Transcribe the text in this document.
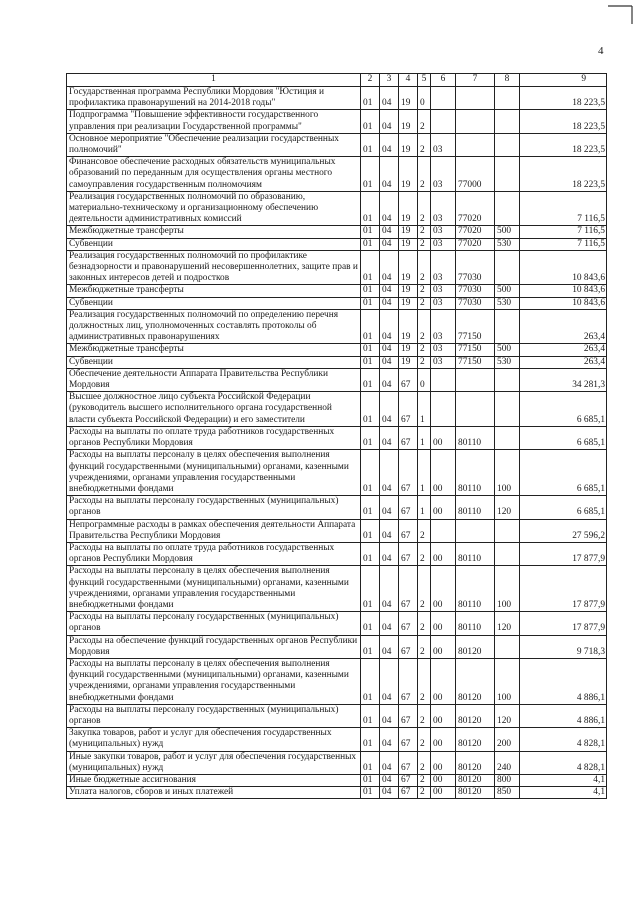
4
1	2	3	4	5	6	7	8	9
Государственная программа Республики Мордовия "Юстиция и профилактика правонарушений на 2014-2018 годы"	01	04	19	0				18 223,5
Подпрограмма "Повышение эффективности государственного управления при реализации Государственной программы"	01	04	19	2				18 223,5
Основное мероприятие "Обеспечение реализации государственных полномочий"	01	04	19	2	03			18 223,5
Финансовое обеспечение расходных обязательств муниципальных образований по переданным для осуществления органы местного самоуправления государственным полномочиям	01	04	19	2	03	77000		18 223,5
Реализация государственных полномочий по образованию, материально-техническому и организационному обеспечению деятельности административных комиссий	01	04	19	2	03	77020		7 116,5
Межбюджетные трансферты	01	04	19	2	03	77020	500	7 116,5
Субвенции	01	04	19	2	03	77020	530	7 116,5
Реализация государственных полномочий по профилактике безнадзорности и правонарушений несовершеннолетних, защите прав и законных интересов детей и подростков	01	04	19	2	03	77030		10 843,6
Межбюджетные трансферты	01	04	19	2	03	77030	500	10 843,6
Субвенции	01	04	19	2	03	77030	530	10 843,6
Реализация государственных полномочий по определению перечня должностных лиц, уполномоченных составлять протоколы об административных правонарушениях	01	04	19	2	03	77150		263,4
Межбюджетные трансферты	01	04	19	2	03	77150	500	263,4
Субвенции	01	04	19	2	03	77150	530	263,4
Обеспечение деятельности Аппарата Правительства Республики Мордовия	01	04	67	0				34 281,3
Высшее должностное лицо субъекта Российской Федерации (руководитель высшего исполнительного органа государственной власти субъекта Российской Федерации) и его заместители	01	04	67	1				6 685,1
Расходы на выплаты по оплате труда работников государственных органов Республики Мордовия	01	04	67	1	00	80110		6 685,1
Расходы на выплаты персоналу в целях обеспечения выполнения функций государственными (муниципальными) органами, казенными учреждениями, органами управления государственными внебюджетными фондами	01	04	67	1	00	80110	100	6 685,1
Расходы на выплаты персоналу государственных (муниципальных) органов	01	04	67	1	00	80110	120	6 685,1
Непрограммные расходы в рамках обеспечения деятельности Аппарата Правительства Республики Мордовия	01	04	67	2				27 596,2
Расходы на выплаты по оплате труда работников государственных органов Республики Мордовия	01	04	67	2	00	80110		17 877,9
Расходы на выплаты персоналу в целях обеспечения выполнения функций государственными (муниципальными) органами, казенными учреждениями, органами управления государственными внебюджетными фондами	01	04	67	2	00	80110	100	17 877,9
Расходы на выплаты персоналу государственных (муниципальных) органов	01	04	67	2	00	80110	120	17 877,9
Расходы на обеспечение функций государственных органов Республики Мордовия	01	04	67	2	00	80120		9 718,3
Расходы на выплаты персоналу в целях обеспечения выполнения функций государственными (муниципальными) органами, казенными учреждениями, органами управления государственными внебюджетными фондами	01	04	67	2	00	80120	100	4 886,1
Расходы на выплаты персоналу государственных (муниципальных) органов	01	04	67	2	00	80120	120	4 886,1
Закупка товаров, работ и услуг для обеспечения государственных (муниципальных) нужд	01	04	67	2	00	80120	200	4 828,1
Иные закупки товаров, работ и услуг для обеспечения государственных (муниципальных) нужд	01	04	67	2	00	80120	240	4 828,1
Иные бюджетные ассигнования	01	04	67	2	00	80120	800	4,1
Уплата налогов, сборов и иных платежей	01	04	67	2	00	80120	850	4,1
